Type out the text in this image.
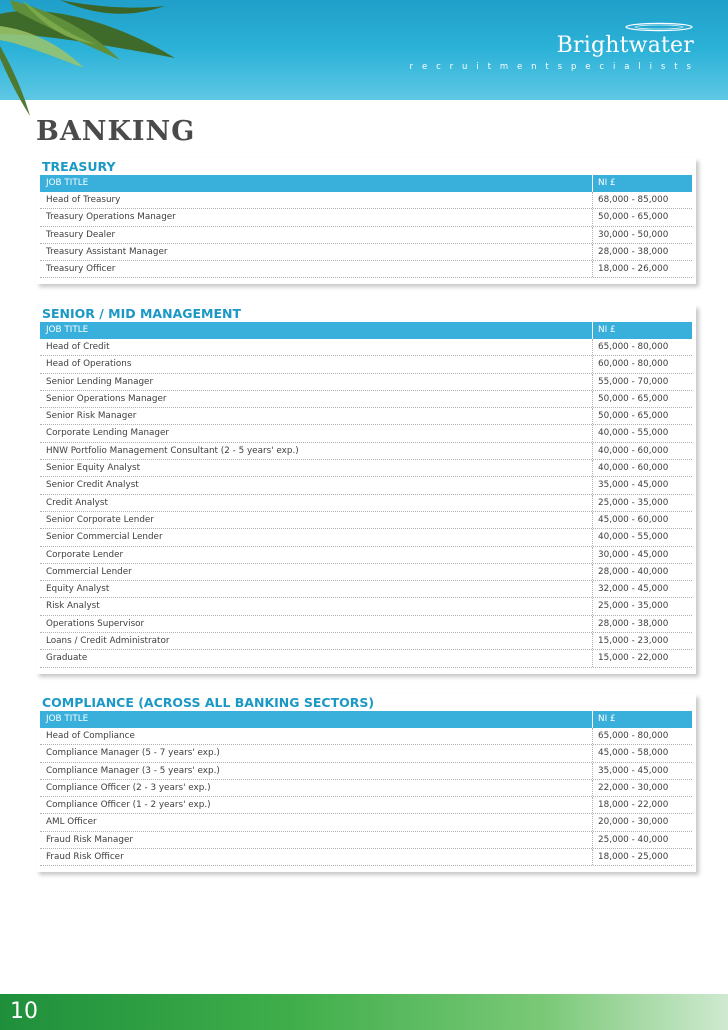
Brightwater
r e c r u i t m e n t s p e c i a l i s t s
BANKING
TREASURY
JOB TITLE	NI £
Head of Treasury	68,000 - 85,000
Treasury Operations Manager	50,000 - 65,000
Treasury Dealer	30,000 - 50,000
Treasury Assistant Manager	28,000 - 38,000
Treasury Officer	18,000 - 26,000
SENIOR / MID MANAGEMENT
JOB TITLE	NI £
Head of Credit	65,000 - 80,000
Head of Operations	60,000 - 80,000
Senior Lending Manager	55,000 - 70,000
Senior Operations Manager	50,000 - 65,000
Senior Risk Manager	50,000 - 65,000
Corporate Lending Manager	40,000 - 55,000
HNW Portfolio Management Consultant (2 - 5 years' exp.)	40,000 - 60,000
Senior Equity Analyst	40,000 - 60,000
Senior Credit Analyst	35,000 - 45,000
Credit Analyst	25,000 - 35,000
Senior Corporate Lender	45,000 - 60,000
Senior Commercial Lender	40,000 - 55,000
Corporate Lender	30,000 - 45,000
Commercial Lender	28,000 - 40,000
Equity Analyst	32,000 - 45,000
Risk Analyst	25,000 - 35,000
Operations Supervisor	28,000 - 38,000
Loans / Credit Administrator	15,000 - 23,000
Graduate	15,000 - 22,000
COMPLIANCE (ACROSS ALL BANKING SECTORS)
JOB TITLE	NI £
Head of Compliance	65,000 - 80,000
Compliance Manager (5 - 7 years' exp.)	45,000 - 58,000
Compliance Manager (3 - 5 years' exp.)	35,000 - 45,000
Compliance Officer (2 - 3 years' exp.)	22,000 - 30,000
Compliance Officer (1 - 2 years' exp.)	18,000 - 22,000
AML Officer	20,000 - 30,000
Fraud Risk Manager	25,000 - 40,000
Fraud Risk Officer	18,000 - 25,000
10
